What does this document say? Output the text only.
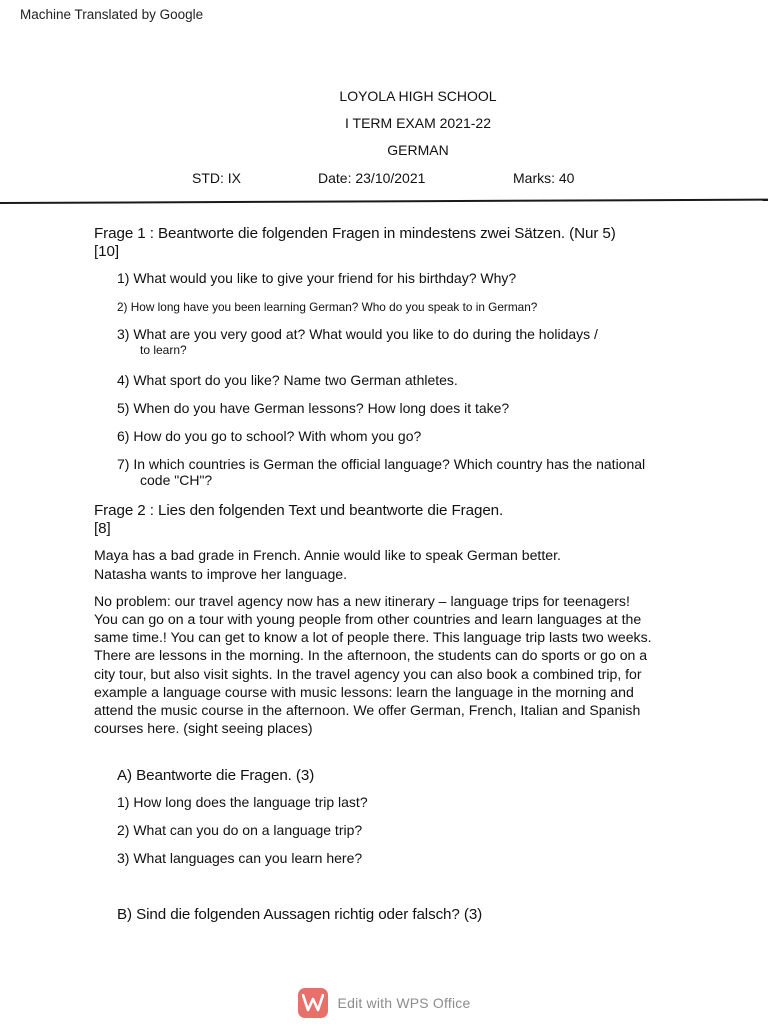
Machine Translated by Google
LOYOLA HIGH SCHOOL
I TERM EXAM 2021-22
GERMAN
STD: IX	Date: 23/10/2021	Marks: 40
Frage 1 : Beantworte die folgenden Fragen in mindestens zwei Sätzen. (Nur 5)
[10]
1) What would you like to give your friend for his birthday? Why?
2) How long have you been learning German? Who do you speak to in German?
3) What are you very good at? What would you like to do during the holidays /
to learn?
4) What sport do you like? Name two German athletes.
5) When do you have German lessons? How long does it take?
6) How do you go to school? With whom you go?
7) In which countries is German the official language? Which country has the national
code "CH"?
Frage 2 : Lies den folgenden Text und beantworte die Fragen.
[8]
Maya has a bad grade in French. Annie would like to speak German better.
Natasha wants to improve her language.
No problem: our travel agency now has a new itinerary – language trips for teenagers!
You can go on a tour with young people from other countries and learn languages at the
same time.! You can get to know a lot of people there. This language trip lasts two weeks.
There are lessons in the morning. In the afternoon, the students can do sports or go on a
city tour, but also visit sights. In the travel agency you can also book a combined trip, for
example a language course with music lessons: learn the language in the morning and
attend the music course in the afternoon. We offer German, French, Italian and Spanish
courses here. (sight seeing places)
A) Beantworte die Fragen. (3)
1) How long does the language trip last?
2) What can you do on a language trip?
3) What languages can you learn here?
B) Sind die folgenden Aussagen richtig oder falsch? (3)
Edit with WPS Office
